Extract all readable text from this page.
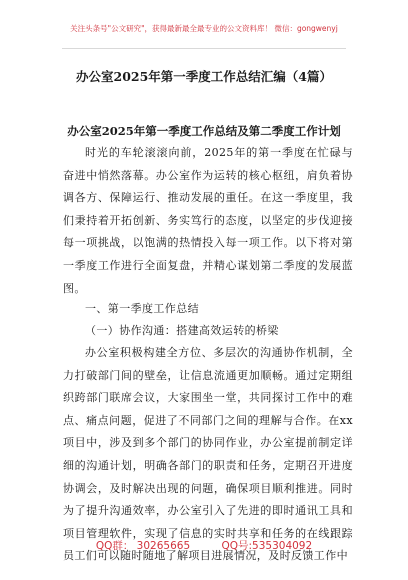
关注头条号"公文研究"，获得最新最全最专业的公文资料库！ 微信：gongwenyj
办公室2025年第一季度工作总结汇编（4篇）
办公室2025年第一季度工作总结及第二季度工作计划

时光的车轮滚滚向前，2025年的第一季度在忙碌与奋进中悄然落幕。办公室作为运转的核心枢纽，肩负着协调各方、保障运行、推动发展的重任。在这一季度里，我们秉持着开拓创新、务实笃行的态度，以坚定的步伐迎接每一项挑战，以饱满的热情投入每一项工作。以下将对第一季度工作进行全面复盘，并精心谋划第二季度的发展蓝图。

一、第一季度工作总结

（一）协作沟通：搭建高效运转的桥梁

办公室积极构建全方位、多层次的沟通协作机制，全力打破部门间的壁垒，让信息流通更加顺畅。通过定期组织跨部门联席会议，大家围坐一堂，共同探讨工作中的难点、痛点问题，促进了不同部门之间的理解与合作。在xx项目中，涉及到多个部门的协同作业，办公室提前制定详细的沟通计划，明确各部门的职责和任务，定期召开进度协调会，及时解决出现的问题，确保项目顺利推进。同时为了提升沟通效率，办公室引入了先进的即时通讯工具和项目管理软件，实现了信息的实时共享和任务的在线跟踪员工们可以随时随地了解项目进展情况，及时反馈工作中

QQ群： 30265665	QQ号:535304092
